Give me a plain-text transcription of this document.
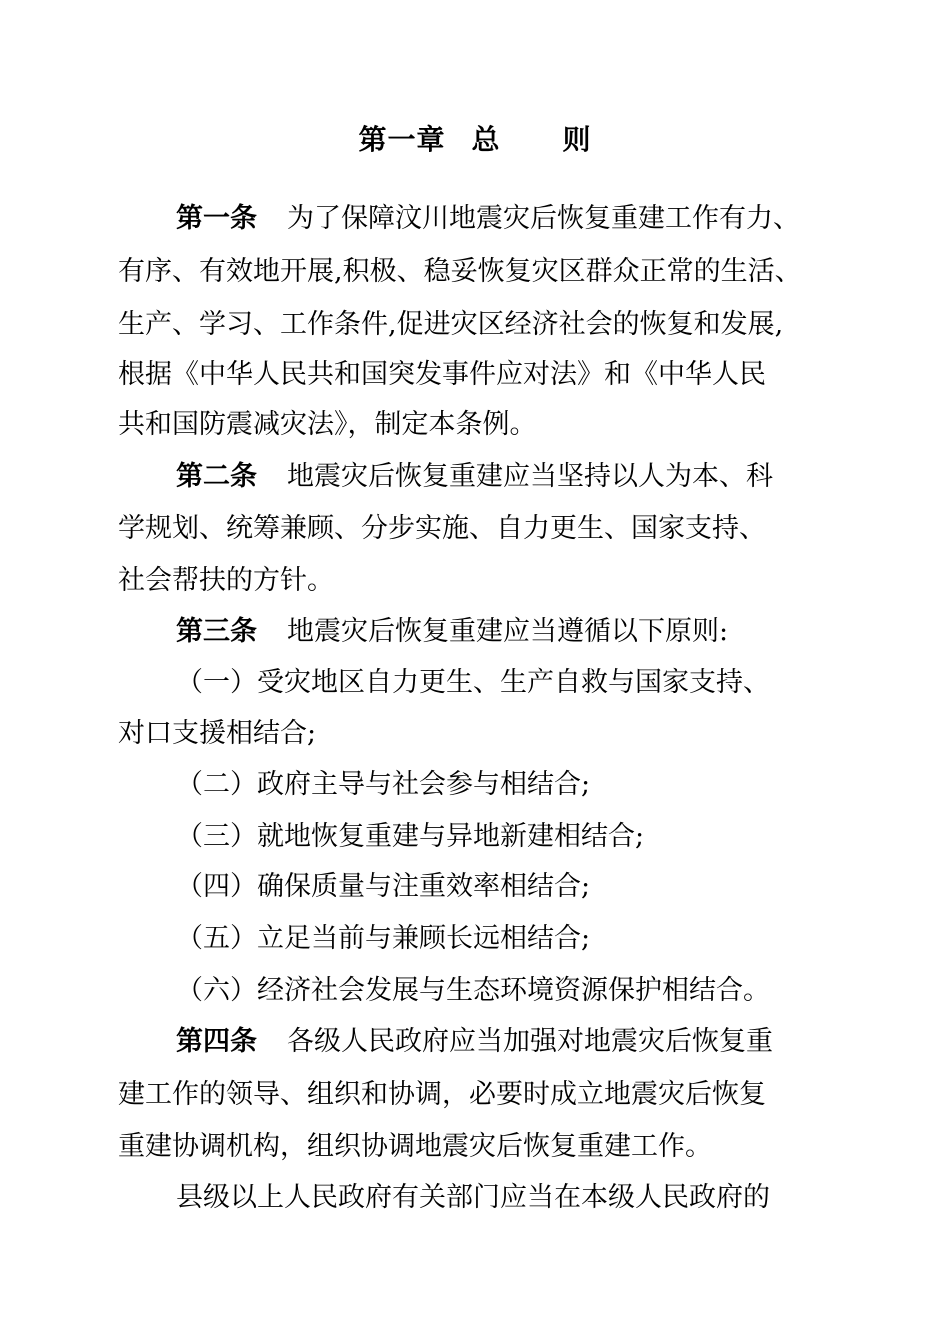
第一章 总 则
第一条 为了保障汶川地震灾后恢复重建工作有力、
有序、有效地开展,积极、稳妥恢复灾区群众正常的生活、
生产、学习、工作条件,促进灾区经济社会的恢复和发展,
根据《中华人民共和国突发事件应对法》和《中华人民
共和国防震减灾法》，制定本条例。
第二条 地震灾后恢复重建应当坚持以人为本、科
学规划、统筹兼顾、分步实施、自力更生、国家支持、
社会帮扶的方针。
第三条 地震灾后恢复重建应当遵循以下原则:
（一）受灾地区自力更生、生产自救与国家支持、
对口支援相结合;
（二）政府主导与社会参与相结合;
（三）就地恢复重建与异地新建相结合;
（四）确保质量与注重效率相结合;
（五）立足当前与兼顾长远相结合;
（六）经济社会发展与生态环境资源保护相结合。
第四条 各级人民政府应当加强对地震灾后恢复重
建工作的领导、组织和协调，必要时成立地震灾后恢复
重建协调机构，组织协调地震灾后恢复重建工作。
县级以上人民政府有关部门应当在本级人民政府的
